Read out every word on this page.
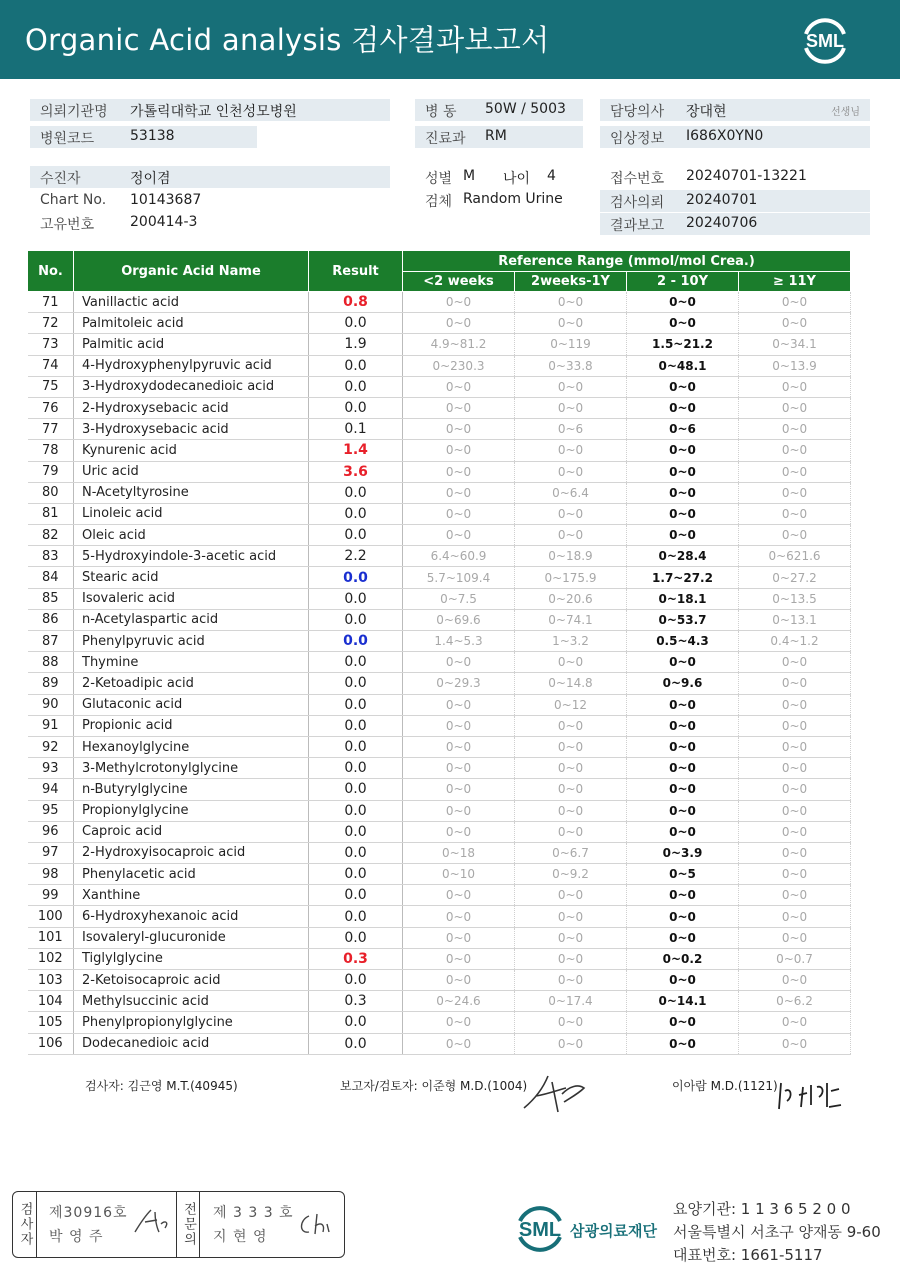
Organic Acid analysis 검사결과보고서	SML
의뢰기관명 가톨릭대학교 인천성모병원
병원코드	53138
병 동 50W / 5003
진료과 RM
담당의사 장대현	선생님
임상정보 I686X0YN0
수진자	정이겸
Chart No. 10143687
고유번호	200414-3
성별 M 나이 4
검체 Random Urine
접수번호 20240701-13221
검사의뢰 20240701
결과보고 20240706
No.	Organic Acid Name	Result	Reference Range (mmol/mol Crea.)			
			<2 weeks	2weeks-1Y	2 - 10Y	≥ 11Y
71	Vanillactic acid	0.8	0~0	0~0	0~0	0~0
72	Palmitoleic acid	0.0	0~0	0~0	0~0	0~0
73	Palmitic acid	1.9	4.9~81.2	0~119	1.5~21.2	0~34.1
74	4-Hydroxyphenylpyruvic acid	0.0	0~230.3	0~33.8	0~48.1	0~13.9
75	3-Hydroxydodecanedioic acid	0.0	0~0	0~0	0~0	0~0
76	2-Hydroxysebacic acid	0.0	0~0	0~0	0~0	0~0
77	3-Hydroxysebacic acid	0.1	0~0	0~6	0~6	0~0
78	Kynurenic acid	1.4	0~0	0~0	0~0	0~0
79	Uric acid	3.6	0~0	0~0	0~0	0~0
80	N-Acetyltyrosine	0.0	0~0	0~6.4	0~0	0~0
81	Linoleic acid	0.0	0~0	0~0	0~0	0~0
82	Oleic acid	0.0	0~0	0~0	0~0	0~0
83	5-Hydroxyindole-3-acetic acid	2.2	6.4~60.9	0~18.9	0~28.4	0~621.6
84	Stearic acid	0.0	5.7~109.4	0~175.9	1.7~27.2	0~27.2
85	Isovaleric acid	0.0	0~7.5	0~20.6	0~18.1	0~13.5
86	n-Acetylaspartic acid	0.0	0~69.6	0~74.1	0~53.7	0~13.1
87	Phenylpyruvic acid	0.0	1.4~5.3	1~3.2	0.5~4.3	0.4~1.2
88	Thymine	0.0	0~0	0~0	0~0	0~0
89	2-Ketoadipic acid	0.0	0~29.3	0~14.8	0~9.6	0~0
90	Glutaconic acid	0.0	0~0	0~12	0~0	0~0
91	Propionic acid	0.0	0~0	0~0	0~0	0~0
92	Hexanoylglycine	0.0	0~0	0~0	0~0	0~0
93	3-Methylcrotonylglycine	0.0	0~0	0~0	0~0	0~0
94	n-Butyrylglycine	0.0	0~0	0~0	0~0	0~0
95	Propionylglycine	0.0	0~0	0~0	0~0	0~0
96	Caproic acid	0.0	0~0	0~0	0~0	0~0
97	2-Hydroxyisocaproic acid	0.0	0~18	0~6.7	0~3.9	0~0
98	Phenylacetic acid	0.0	0~10	0~9.2	0~5	0~0
99	Xanthine	0.0	0~0	0~0	0~0	0~0
100	6-Hydroxyhexanoic acid	0.0	0~0	0~0	0~0	0~0
101	Isovaleryl-glucuronide	0.0	0~0	0~0	0~0	0~0
102	Tiglylglycine	0.3	0~0	0~0	0~0.2	0~0.7
103	2-Ketoisocaproic acid	0.0	0~0	0~0	0~0	0~0
104	Methylsuccinic acid	0.3	0~24.6	0~17.4	0~14.1	0~6.2
105	Phenylpropionylglycine	0.0	0~0	0~0	0~0	0~0
106	Dodecanedioic acid	0.0	0~0	0~0	0~0	0~0
검사자: 김근영 M.T.(40945)	보고자/검토자: 이준형 M.D.(1004)	이아람 M.D.(1121)
검사자 제30916호
박 영 주	전문의 제 3 3 3 호
지 현 영	SML 삼광의료재단
요양기관: 1 1 3 6 5 2 0 0
서울특별시 서초구 양재동 9-60
대표번호: 1661-5117
